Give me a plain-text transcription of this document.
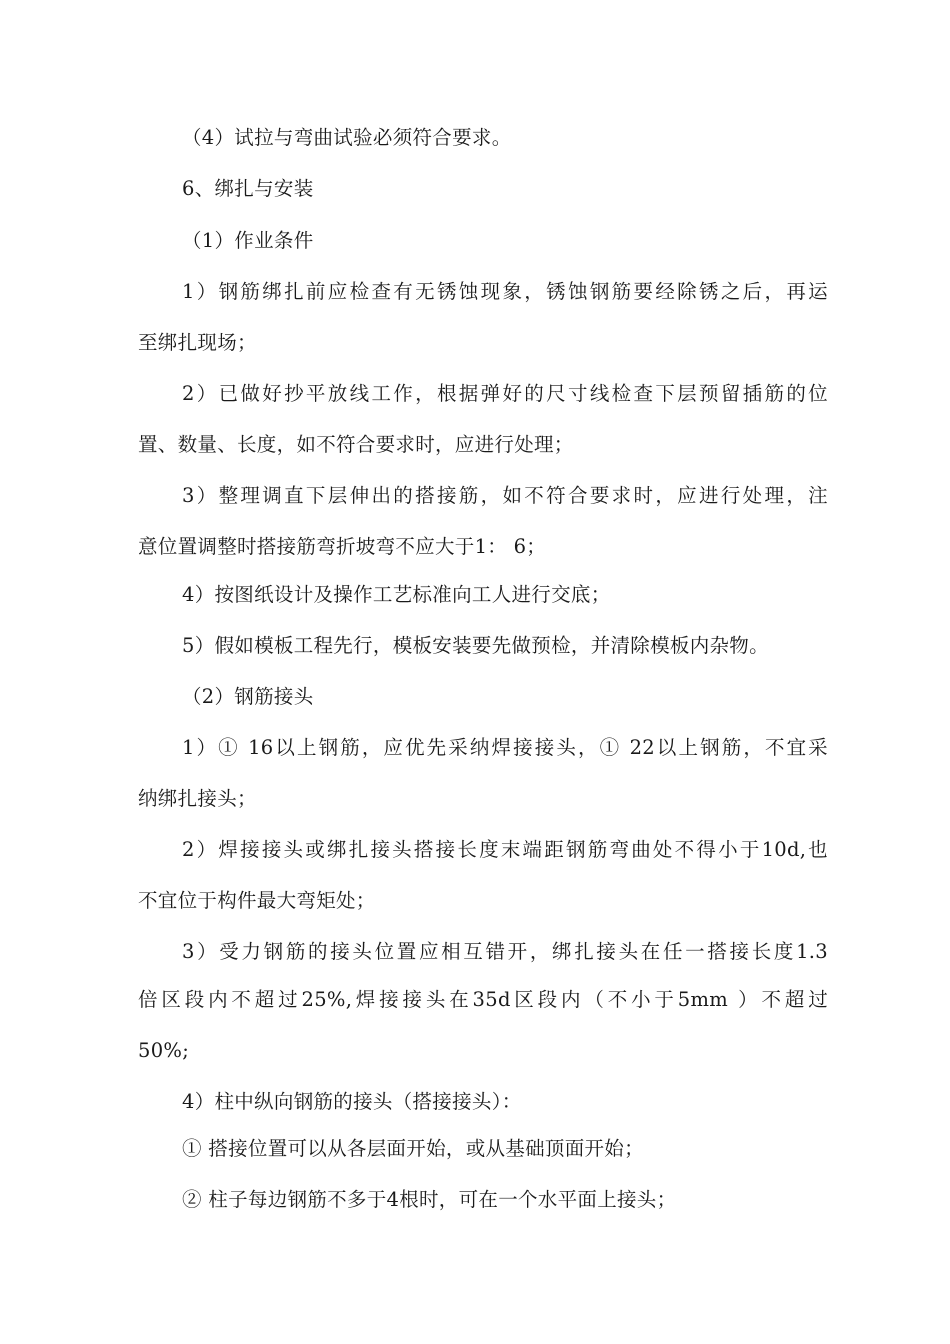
（4）试拉与弯曲试验必须符合要求。
6、绑扎与安装
（1）作业条件
1）钢筋绑扎前应检查有无锈蚀现象，锈蚀钢筋要经除锈之后，再运
至绑扎现场；
2）已做好抄平放线工作，根据弹好的尺寸线检查下层预留插筋的位
置、数量、长度，如不符合要求时，应进行处理；
3）整理调直下层伸出的搭接筋，如不符合要求时，应进行处理，注
意位置调整时搭接筋弯折坡弯不应大于1： 6；
4）按图纸设计及操作工艺标准向工人进行交底；
5）假如模板工程先行，模板安装要先做预检，并清除模板内杂物。
（2）钢筋接头
1）① 16以上钢筋，应优先采纳焊接接头，① 22以上钢筋，不宜采
纳绑扎接头；
2）焊接接头或绑扎接头搭接长度末端距钢筋弯曲处不得小于10d,也
不宜位于构件最大弯矩处；
3）受力钢筋的接头位置应相互错开，绑扎接头在任一搭接长度1.3
倍区段内不超过25%,焊接接头在35d区段内（不小于5mm ）不超过
50%;
4）柱中纵向钢筋的接头（搭接接头）：
① 搭接位置可以从各层面开始，或从基础顶面开始；
② 柱子每边钢筋不多于4根时，可在一个水平面上接头；
